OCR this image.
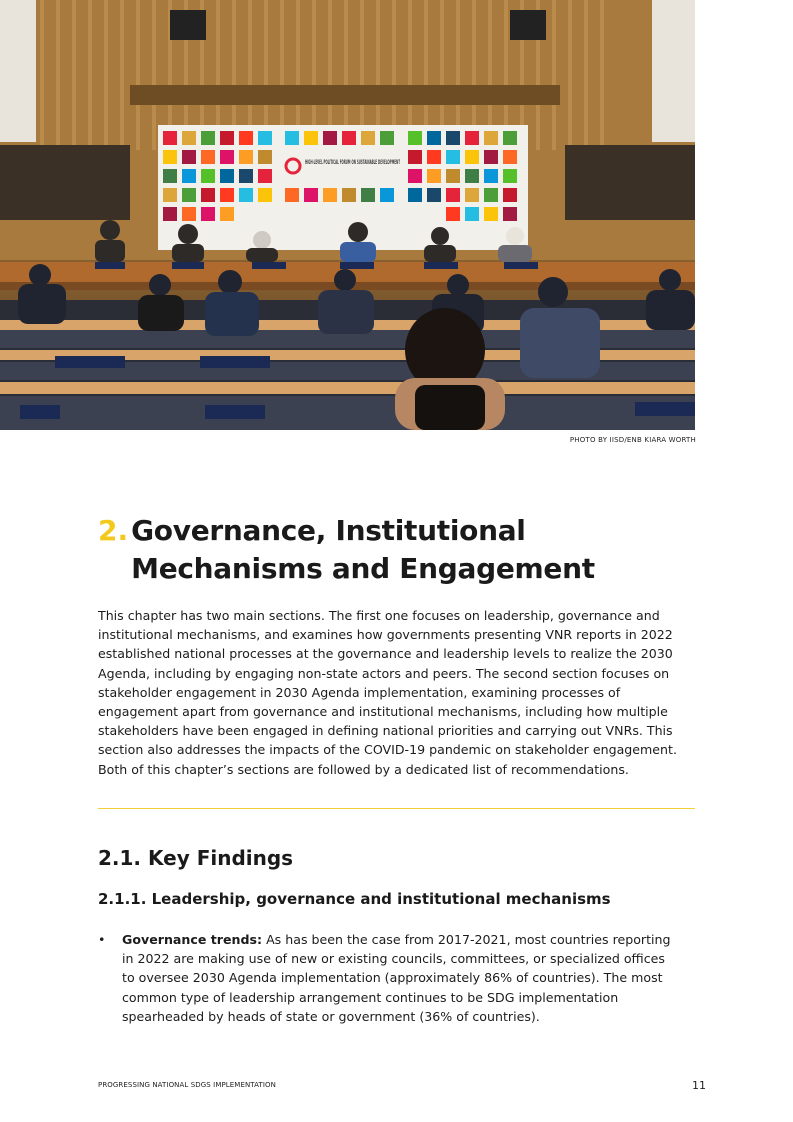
HIGH-LEVEL POLITICAL FORUM ON SUSTAINABLE DEVELOPMENT
PHOTO BY IISD/ENB KIARA WORTH
2. Governance, Institutional Mechanisms and Engagement

This chapter has two main sections. The first one focuses on leadership, governance and institutional mechanisms, and examines how governments presenting VNR reports in 2022 established national processes at the governance and leadership levels to realize the 2030 Agenda, including by engaging non-state actors and peers. The second section focuses on stakeholder engagement in 2030 Agenda implementation, examining processes of engagement apart from governance and institutional mechanisms, including how multiple stakeholders have been engaged in defining national priorities and carrying out VNRs. This section also addresses the impacts of the COVID-19 pandemic on stakeholder engagement. Both of this chapter’s sections are followed by a dedicated list of recommendations.

2.1. Key Findings
2.1.1. Leadership, governance and institutional mechanisms
• Governance trends: As has been the case from 2017-2021, most countries reporting in 2022 are making use of new or existing councils, committees, or specialized offices to oversee 2030 Agenda implementation (approximately 86% of countries). The most common type of leadership arrangement continues to be SDG implementation spearheaded by heads of state or government (36% of countries).
PROGRESSING NATIONAL SDGS IMPLEMENTATION	11
